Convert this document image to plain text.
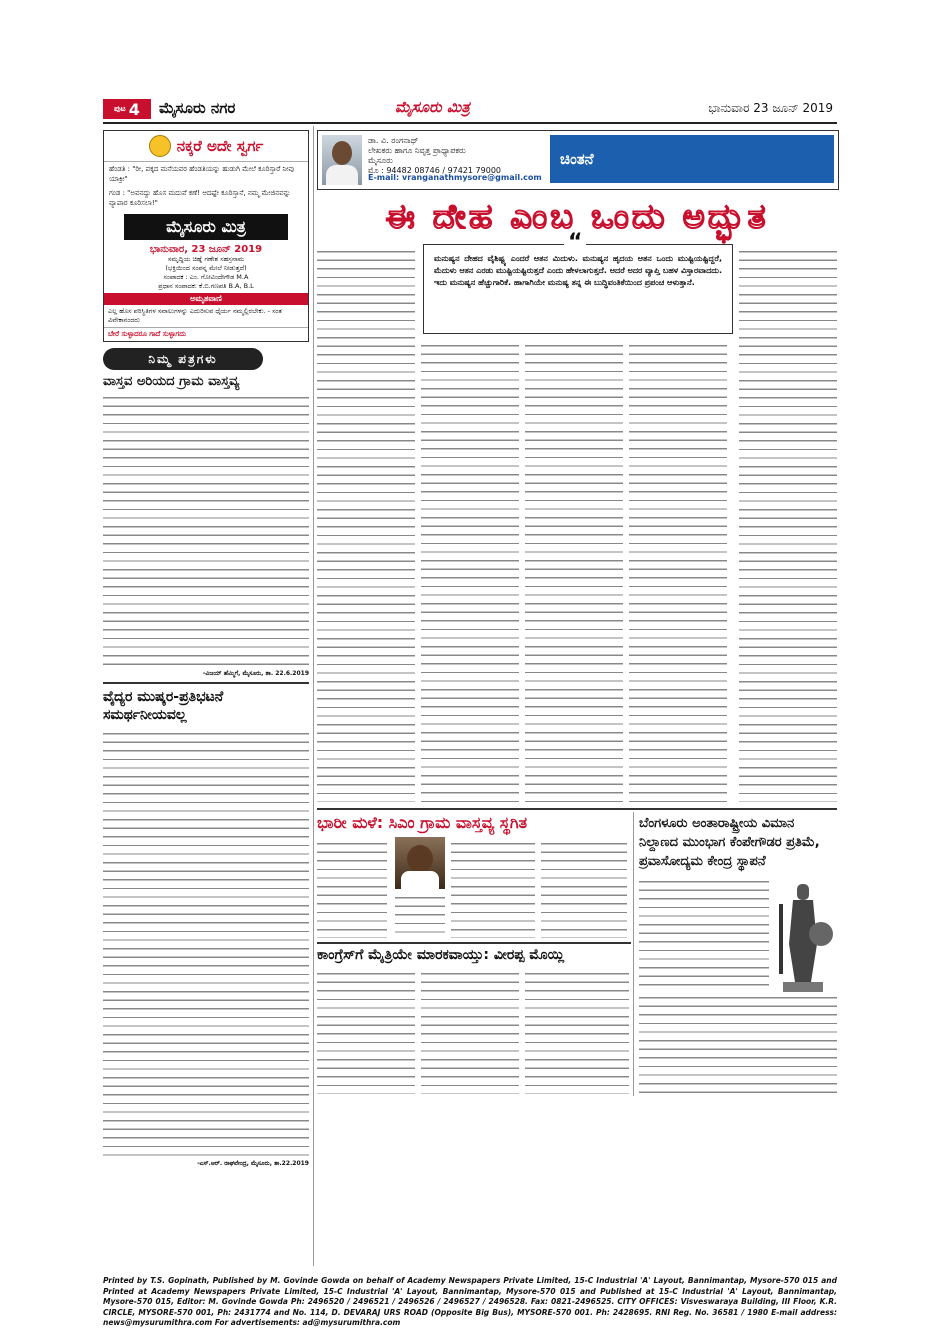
ಪುಟ 4 ಮೈಸೂರು ನಗರ	ಮೈಸೂರು ಮಿತ್ರ	ಭಾನುವಾರ 23 ಜೂನ್ 2019
ನಕ್ಕರೆ ಅದೇ ಸ್ವರ್ಗ
ಹೆಂಡತಿ : "ರೀ, ಪಕ್ಕದ ಮನೆಯವರ ಹೆಂಡತಿಯನ್ನು ಹುಡುಗಿ ಮೇಲೆ ಕೂರಿಸ್ತಾರೆ ನೀವು ಯಾಕ್ರೀ"
ಗಂಡ : "ಅವನದ್ದು ಹೊಸ ಮದುವೆ ಕಣೆ! ಆದಷ್ಟೇ ಕೂರಿಸ್ತಾನೆ, ನಮ್ಮ ಮೇಜಿನವನ್ನು ವ್ಯಾಪಾರ ಕೂರಿಸಲಾ!"
ಮೈಸೂರು ಮಿತ್ರ
ಭಾನುವಾರ, 23 ಜೂನ್ 2019
ಸಮೃದ್ಧಿಯ ಚಿಹ್ನೆ ಗಣೇಶ ಸಹಸ್ರನಾಮ
(ಭಕ್ತಿಯಿಂದ ಸಂಪನ್ನ ಮೇಲೆ ನೀಡುತ್ತದೆ)
ಸಂಪಾದಕ : ಎಂ. ಗೋವಿಂದೇಗೌಡ M.A
ಪ್ರಧಾನ ಸಂಪಾದಕ: ಕೆ.ಬಿ.ಗಣಪತಿ B.A, B.L
ಅಮೃತವಾಣಿ
ಎಲ್ಲ ಹೊಸ ಪರಿಸ್ಥಿತಿಗಳ ಸವಾಲುಗಳನ್ನು ಎದುರಿಸುವ ಧೈರ್ಯ ನಮ್ಮಲ್ಲಿರಬೇಕು. - ಸಂತ ವಿವೇಕಾನಂದರು
ಬೇರೆ ಸುಳ್ಳಾದರೂ ಗಾದೆ ಸುಳ್ಳಾಗದು
ನಿಮ್ಮ ಪತ್ರಗಳು
ವಾಸ್ತವ ಅರಿಯದ ಗ್ರಾಮ ವಾಸ್ತವ್ಯ
-ವಿಜಯ್ ಹೆಮ್ಮಿಗೆ, ಮೈಸೂರು, ತಾ. 22.6.2019
ವೈದ್ಯರ ಮುಷ್ಕರ-ಪ್ರತಿಭಟನೆ ಸಮರ್ಥನೀಯವಲ್ಲ
-ಎಸ್.ಆರ್. ರಾಘವೇಂದ್ರ, ಮೈಸೂರು, ತಾ.22.2019
ಡಾ. ವಿ. ರಂಗನಾಥ್
ಲೇಖಕರು ಹಾಗೂ ನಿವೃತ್ತ ಪ್ರಾಧ್ಯಾಪಕರು
ಮೈಸೂರು
ಮೊ : 94482 08746 / 97421 79000
E-mail: vranganathmysore@gmail.com
ಚಿಂತನೆ
ಈ ದೇಹ ಎಂಬ ಒಂದು ಅದ್ಭುತ
“
ಮನುಷ್ಯನ ದೇಹದ ವೈಶಿಷ್ಟ್ಯ ಎಂದರೆ ಆತನ ಮಿದುಳು. ಮನುಷ್ಯನ ಹೃದಯ ಆತನ ಒಂದು ಮುಷ್ಟಿಯಷ್ಟಿದ್ದರೆ, ಮೆದುಳು ಆತನ ಎರಡು ಮುಷ್ಟಿಯಷ್ಟಿರುತ್ತದೆ ಎಂದು ಹೇಳಲಾಗುತ್ತದೆ. ಆದರೆ ಅದರ ವ್ಯಾಪ್ತಿ ಬಹಳ ವಿಸ್ತಾರವಾದದು. ಇದು ಮನುಷ್ಯನ ಹೆಚ್ಚುಗಾರಿಕೆ. ಹಾಗಾಗಿಯೇ ಮನುಷ್ಯ ತನ್ನ ಈ ಬುದ್ಧಿವಂತಿಕೆಯಿಂದ ಪ್ರಪಂಚ ಆಳುತ್ತಾನೆ.
ಭಾರೀ ಮಳೆ: ಸಿಎಂ ಗ್ರಾಮ ವಾಸ್ತವ್ಯ ಸ್ಥಗಿತ
ಕಾಂಗ್ರೆಸ್‌ಗೆ ಮೈತ್ರಿಯೇ ಮಾರಕವಾಯ್ತು: ವೀರಪ್ಪ ಮೊಯ್ಲಿ
ಬೆಂಗಳೂರು ಅಂತಾರಾಷ್ಟ್ರೀಯ ವಿಮಾನ ನಿಲ್ದಾಣದ ಮುಂಭಾಗ ಕೆಂಪೇಗೌಡರ ಪ್ರತಿಮೆ, ಪ್ರವಾಸೋದ್ಯಮ ಕೇಂದ್ರ ಸ್ಥಾಪನೆ
Printed by T.S. Gopinath, Published by M. Govinde Gowda on behalf of Academy Newspapers Private Limited, 15-C Industrial 'A' Layout, Bannimantap, Mysore-570 015 and Printed at Academy Newspapers Private Limited, 15-C Industrial 'A' Layout, Bannimantap, Mysore-570 015 and Published at 15-C Industrial 'A' Layout, Bannimantap, Mysore-570 015, Editor: M. Govinde Gowda Ph: 2496520 / 2496521 / 2496526 / 2496527 / 2496528. Fax: 0821-2496525. CITY OFFICES: Visveswaraya Building, III Floor, K.R. CIRCLE, MYSORE-570 001, Ph: 2431774 and No. 114, D. DEVARAJ URS ROAD (Opposite Big Bus), MYSORE-570 001. Ph: 2428695. RNI Reg. No. 36581 / 1980 E-mail address: news@mysurumithra.com For advertisements: ad@mysurumithra.com
